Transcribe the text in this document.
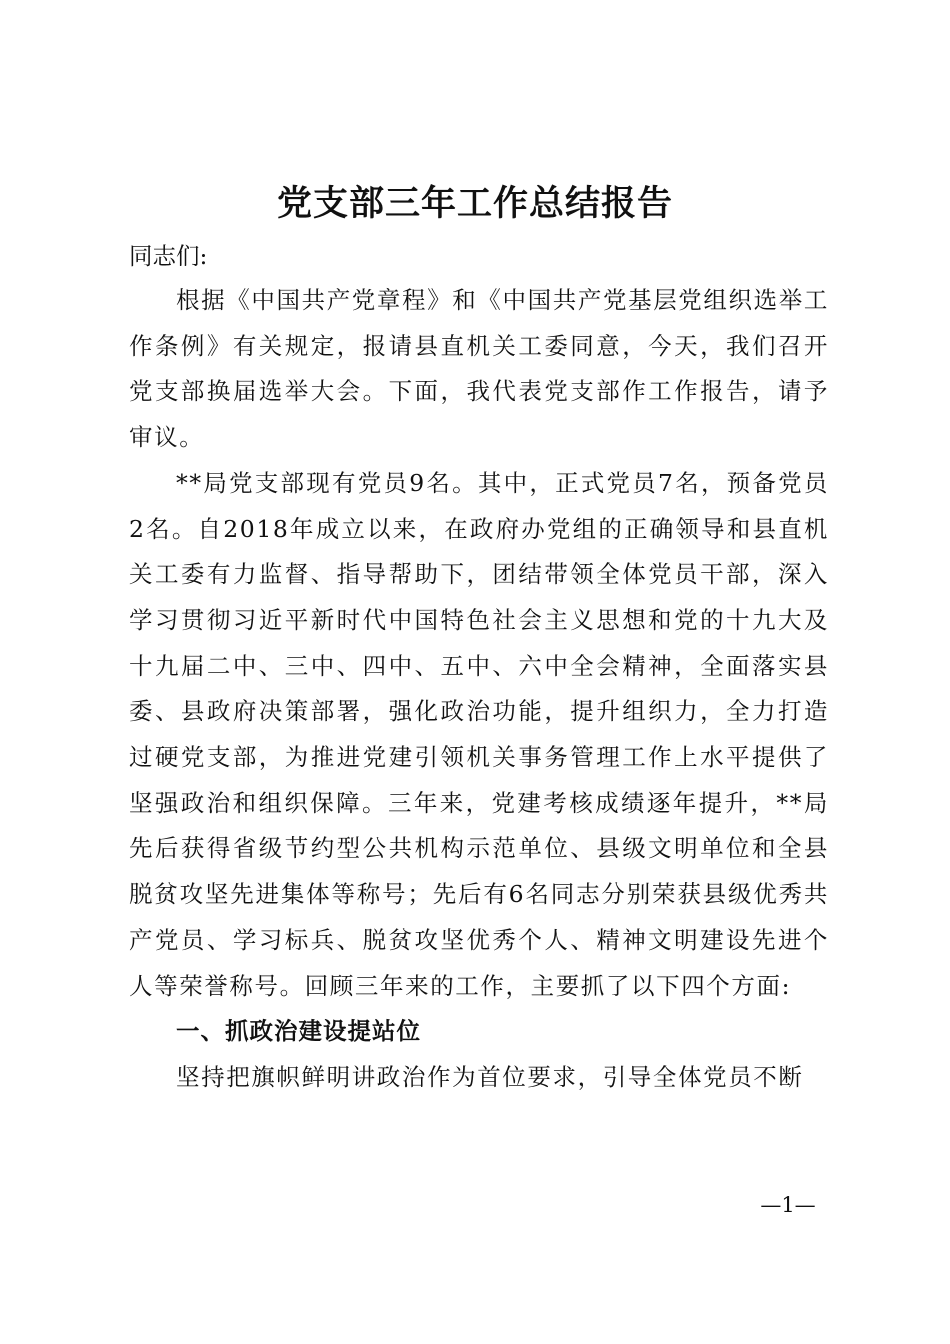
党支部三年工作总结报告

同志们:

根据《中国共产党章程》和《中国共产党基层党组织选举工作条例》有关规定，报请县直机关工委同意，今天，我们召开党支部换届选举大会。下面，我代表党支部作工作报告，请予审议。

**局党支部现有党员9名。其中，正式党员7名，预备党员2名。自2018年成立以来，在政府办党组的正确领导和县直机关工委有力监督、指导帮助下，团结带领全体党员干部，深入学习贯彻习近平新时代中国特色社会主义思想和党的十九大及十九届二中、三中、四中、五中、六中全会精神，全面落实县委、县政府决策部署，强化政治功能，提升组织力，全力打造过硬党支部，为推进党建引领机关事务管理工作上水平提供了坚强政治和组织保障。三年来，党建考核成绩逐年提升，**局先后获得省级节约型公共机构示范单位、县级文明单位和全县脱贫攻坚先进集体等称号；先后有6名同志分别荣获县级优秀共产党员、学习标兵、脱贫攻坚优秀个人、精神文明建设先进个人等荣誉称号。回顾三年来的工作，主要抓了以下四个方面:

一、抓政治建设提站位

坚持把旗帜鲜明讲政治作为首位要求，引导全体党员不断

—1—
